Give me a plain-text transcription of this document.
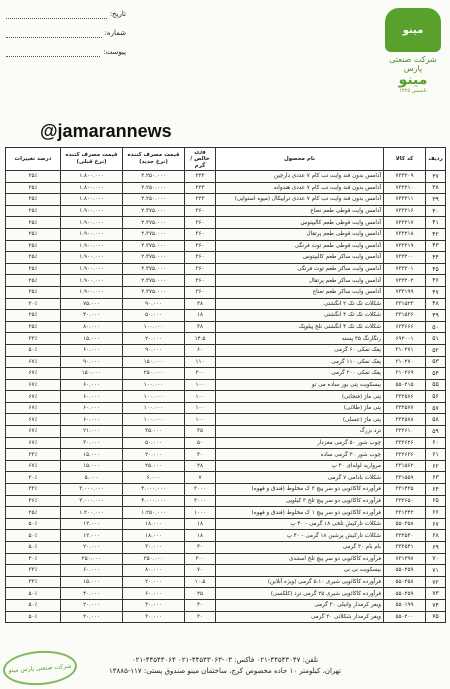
تاریخ:
شماره:
پیوست:
مینو
شرکت صنعتی پارس
مینو
تاسیس ۱۳۲۵
@jamarannews
ردیف	کد کالا	نام محصول	وزن خالص / گرم	قیمت مصرف کننده (نرخ جدید)	قیمت مصرف کننده (نرخ قبلی)	درصد تغییرات
۳۷	۷۳۳۲۰۹	آدامس بدون قند وایت تب کام ۷ عددی دارچین	۲۲۳	۲.۲۵۰.۰۰۰	۱.۸۰۰.۰۰۰	۲۵٪
۳۸	۷۳۳۲۱۰	آدامس بدون قند وایت تب کام ۷ عددی هندوانه	۲۲۳	۲.۲۵۰.۰۰۰	۱.۸۰۰.۰۰۰	۲۵٪
۳۹	۷۳۳۲۱۱	آدامس بدون قند وایت تب کام ۷ عددی تراپیکال (میوه استوایی)	۲۲۳	۲.۲۵۰.۰۰۰	۱.۸۰۰.۰۰۰	۲۵٪
۴۰	۷۳۳۲۱۶	آدامس وایت قوطی طعم نعناع	۳۶۰	۲.۳۷۵.۰۰۰	۱.۹۰۰.۰۰۰	۲۵٪
۴۱	۷۳۳۲۱۷	آدامس وایت قوطی طعم کالیپتوس	۳۶۰	۲.۳۷۵.۰۰۰	۱.۹۰۰.۰۰۰	۲۵٪
۴۲	۷۳۳۲۱۸	آدامس وایت قوطی طعم پرتقال	۳۶۰	۲.۳۷۵.۰۰۰	۱.۹۰۰.۰۰۰	۲۵٪
۴۳	۷۳۳۲۱۹	آدامس وایت قوطی طعم توت فرنگی	۳۶۰	۲.۳۷۵.۰۰۰	۱.۹۰۰.۰۰۰	۲۵٪
۴۴	۷۳۳۲۰۰	آدامس وایت ساکر طعم کالیپتوس	۳۶۰	۲.۳۷۵.۰۰۰	۱.۹۰۰.۰۰۰	۲۵٪
۴۵	۷۳۳۲۰۱	آدامس وایت ساکر طعم توت فرنگی	۳۶۰	۲.۳۷۵.۰۰۰	۱.۹۰۰.۰۰۰	۲۵٪
۴۶	۷۳۳۲۰۲	آدامس وایت ساکر طعم پرتقال	۳۶۰	۲.۳۷۵.۰۰۰	۱.۹۰۰.۰۰۰	۲۵٪
۴۷	۷۳۳۱۹۹	آدامس وایت ساکر طعم نعناع	۳۶۰	۲.۳۷۵.۰۰۰	۱.۹۰۰.۰۰۰	۲۵٪
۴۸	۳۳۱۵۲۳	شکلات تک تک ۲ انگشتی	۳۸	۹۰.۰۰۰	۷۵.۰۰۰	۲۰٪
۴۹	۳۳۱۵۳۶	شکلات تک تک ۴ انگشتی	۱۸	۵۰.۰۰۰	۴۰.۰۰۰	۲۵٪
۵۰	۶۳۳۶۶۶	شکلات تک تک ۴ انگشتی تلخ پیلوپک	۳۸	۱۰۰.۰۰۰	۸۰.۰۰۰	۲۵٪
۵۱	۶۹۲۰۰۱	رنگارنگ ۳۵ پسته	۱۴.۵	۲۰.۰۰۰	۱۵.۰۰۰	۳۳٪
۵۲	۳۱۰۲۷۱	پفک نمکی ۶۰ گرمی	۶۰	۹۰.۰۰۰	۶۰.۰۰۰	۵۰٪
۵۳	۳۱۰۲۷۰	پفک نمکی ۱۱۰ گرمی	۱۱۰	۱۵۰.۰۰۰	۹۰.۰۰۰	۶۷٪
۵۴	۳۱۰۲۶۹	پفک نمکی ۲۰۰ گرمی	۲۰۰	۲۵۰.۰۰۰	۱۵۰.۰۰۰	۶۷٪
۵۵	۵۵۰۲۱۵	بیسکویت پتی بور ساده می تو	۱۰۰	۱۰۰.۰۰۰	۶۰.۰۰۰	۶۷٪
۵۶	۳۳۲۵۷۶	پتی ماژ (فنجانی)	۱۰۰	۱۰۰.۰۰۰	۶۰.۰۰۰	۶۷٪
۵۷	۳۳۲۵۷۷	پتی ماژ (طلائی)	۱۰۰	۱۰۰.۰۰۰	۶۰.۰۰۰	۶۷٪
۵۸	۳۳۲۵۷۸	پتی ماژ (عسلی)	۱۰۰	۱۰۰.۰۰۰	۶۰.۰۰۰	۶۷٪
۵۹	۳۳۲۶۱۰	ترد بزرگ	۳۵	۳۵.۰۰۰	۲۱.۰۰۰	۶۷٪
۶۰	۳۳۲۶۲۶	چوب شور ۵۰ گرمی مغزدار	۵۰	۵۰.۰۰۰	۳۰.۰۰۰	۶۷٪
۶۱	۳۳۲۶۳۶	چوب شور ۳۰ گرمی ساده	۳۰	۲۰.۰۰۰	۱۵.۰۰۰	۳۳٪
۶۲	۳۳۱۵۶۲	مروارید لوله‌ای ۴۰ پ	۲۸	۲۵.۰۰۰	۱۵.۰۰۰	۶۷٪
۶۳	۳۳۱۵۵۹	شکلات بادامی ۷ گرمی	۷	۶.۰۰۰	۵.۰۰۰	۲۰٪
۶۴	۳۳۱۴۳۵	فرآورده کاکائویی دو سر پیچ ۳ ک مخلوط (فندق و قهوه)	۳۰۰۰	۴.۰۰۰.۰۰۰	۳.۰۰۰.۰۰۰	۳۳٪
۶۵	۳۳۲۶۵۰	فرآورده کاکائویی دو سر پیچ تلخ ۳ کیلویی	۳۰۰۰	۴.۰۰۰.۰۰۰	۳.۰۰۰.۰۰۰	۴۶٪
۶۶	۳۳۱۳۴۳	فرآورده کاکائویی دو سر پیچ ۱ ک مخلوط (فندق و قهوه)	۱۰۰۰	۱.۲۵۰.۰۰۰	۱.۲۰۰.۰۰۰	۲۵٪
۶۷	۵۵۰۲۵۸	شکلات تارکیش تلخی ۱۸ گرمی - ۴۰ پ	۱۸	۱۸.۰۰۰	۱۲.۰۰۰	۵۰٪
۶۸	۳۳۲۵۴۰	شکلات تارکیش پرشین ۱۸ گرمی - ۴۰ پ	۱۸	۱۸.۰۰۰	۱۲.۰۰۰	۵۰٪
۶۹	۳۳۲۵۴۱	بام بام ۳۰ گرمی	۳۰	۳۰.۰۰۰	۲۰.۰۰۰	۵۰٪
۷۰	۷۳۱۳۹۷	فرآورده کاکائویی دو سر پیچ تلخ استندی	۳۰۰	۳۵۰.۰۰۰	۲۵۰.۰۰۰	۴۰٪
۷۱	۵۵۰۲۵۹	بیسکویت نی نی	۷۰	۸۰.۰۰۰	۶۰.۰۰۰	۳۳٪
۷۲	۵۵۰۲۵۸	فرآورده کاکائویی شیری ۵.۱۰ گرمی (ویژه آنلاین)	۱۰.۵	۲۰.۰۰۰	۱۵.۰۰۰	۳۳٪
۷۳	۵۵۰۲۵۹	فرآورده کاکائویی شیری ۲۵ گرمی ترد (کلکسی)	۲۵	۶۰.۰۰۰	۴۰.۰۰۰	۵۰٪
۷۴	۵۵۰۱۹۹	ویفر کرمدار وانیلی ۳۰ گرمی	۳۰	۳۰.۰۰۰	۲۰.۰۰۰	۵۰٪
۷۵	۵۵۰۲۰۰	ویفر کرمدار شکلاتی ۳۰ گرمی	۳۰	۳۰.۰۰۰	۲۰.۰۰۰	۵۰٪
شرکت صنعتی پارس مینو
تلفن: ۴۴۵۴۳۰۴۷-۰۲۱ فاکس: ۰۳-۴۴۵۴۳۰۶۳-۰۲۱ ۴۴۵۴۳۰۶۴-۰۲۱
تهران، کیلومتر ۱۰ جاده مخصوص کرج، ساختمان مینو صندوق پستی: ۱۱۷-۱۳۸۸۵
